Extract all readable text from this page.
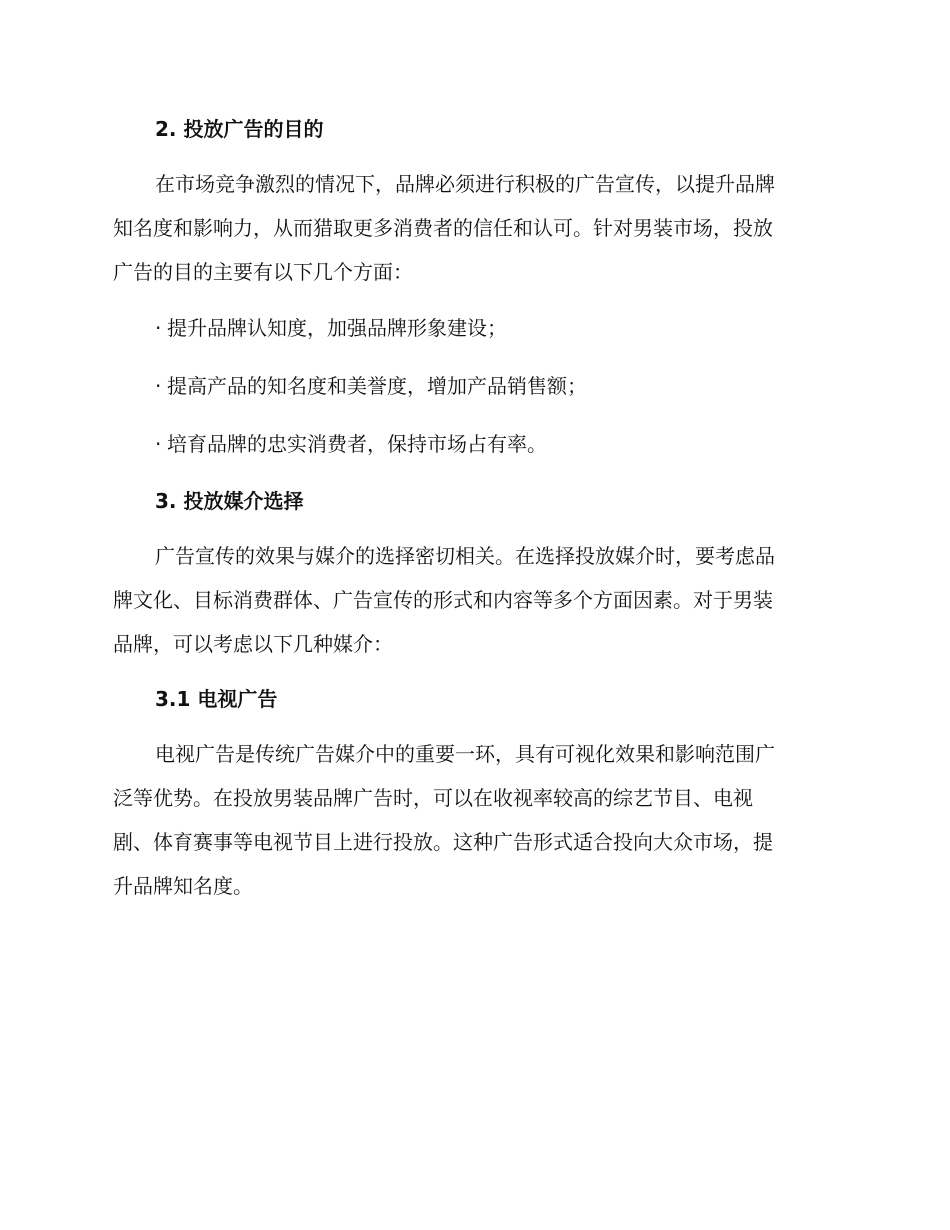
2. 投放广告的目的
在市场竞争激烈的情况下，品牌必须进行积极的广告宣传，以提升品牌
知名度和影响力，从而猎取更多消费者的信任和认可。针对男装市场，投放
广告的目的主要有以下几个方面：
· 提升品牌认知度，加强品牌形象建设；
· 提高产品的知名度和美誉度，增加产品销售额；
· 培育品牌的忠实消费者，保持市场占有率。
3. 投放媒介选择
广告宣传的效果与媒介的选择密切相关。在选择投放媒介时，要考虑品
牌文化、目标消费群体、广告宣传的形式和内容等多个方面因素。对于男装
品牌，可以考虑以下几种媒介：
3.1 电视广告
电视广告是传统广告媒介中的重要一环，具有可视化效果和影响范围广
泛等优势。在投放男装品牌广告时，可以在收视率较高的综艺节目、电视
剧、体育赛事等电视节目上进行投放。这种广告形式适合投向大众市场，提
升品牌知名度。
